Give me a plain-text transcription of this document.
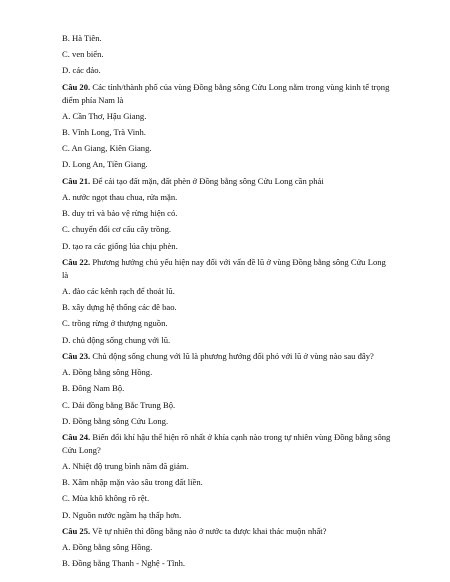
B. Hà Tiên.
C. ven biển.
D. các đảo.
Câu 20. Các tỉnh/thành phố của vùng Đồng bằng sông Cửu Long nằm trong vùng kinh tế trọng điểm phía Nam là
A. Cần Thơ, Hậu Giang.
B. Vĩnh Long, Trà Vinh.
C. An Giang, Kiên Giang.
D. Long An, Tiền Giang.
Câu 21. Để cải tạo đất mặn, đất phèn ở Đồng bằng sông Cửu Long cần phải
A. nước ngọt thau chua, rửa mặn.
B. duy trì và bảo vệ rừng hiện có.
C. chuyển đổi cơ cấu cây trồng.
D. tạo ra các giống lúa chịu phèn.
Câu 22. Phương hướng chủ yếu hiện nay đối với vấn đề lũ ở vùng Đồng bằng sông Cửu Long là
A. đào các kênh rạch để thoát lũ.
B. xây dựng hệ thống các đê bao.
C. trồng rừng ở thượng nguồn.
D. chủ động sống chung với lũ.
Câu 23. Chủ động sống chung với lũ là phương hướng đối phó với lũ ở vùng nào sau đây?
A. Đồng bằng sông Hồng.
B. Đông Nam Bộ.
C. Dải đồng bằng Bắc Trung Bộ.
D. Đồng bằng sông Cửu Long.
Câu 24. Biến đổi khí hậu thể hiện rõ nhất ở khía cạnh nào trong tự nhiên vùng Đồng bằng sông Cửu Long?
A. Nhiệt độ trung bình năm đã giảm.
B. Xâm nhập mặn vào sâu trong đất liền.
C. Mùa khô không rõ rệt.
D. Nguồn nước ngầm hạ thấp hơn.
Câu 25. Về tự nhiên thì đồng bằng nào ở nước ta được khai thác muộn nhất?
A. Đồng bằng sông Hồng.
B. Đồng bằng Thanh - Nghệ - Tĩnh.
